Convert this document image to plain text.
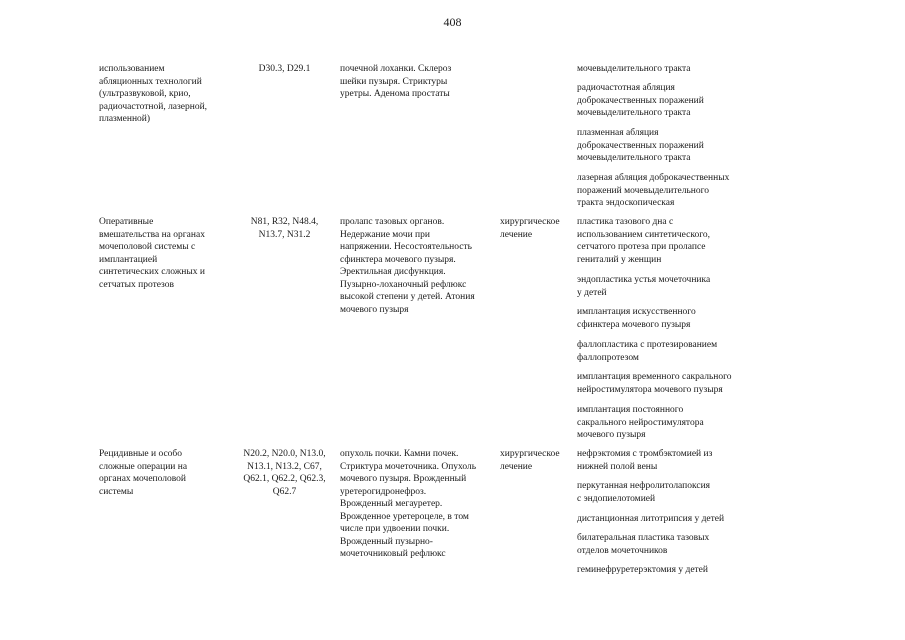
408
использованием
абляционных технологий
(ультразвуковой, крио,
радиочастотной, лазерной,
плазменной)
D30.3, D29.1	почечной лоханки. Склероз
шейки пузыря. Стриктуры
уретры. Аденома простаты
мочевыделительного тракта
радиочастотная абляция
доброкачественных поражений
мочевыделительного тракта
плазменная абляция
доброкачественных поражений
мочевыделительного тракта
лазерная абляция доброкачественных
поражений мочевыделительного
тракта эндоскопическая
Оперативные
вмешательства на органах
мочеполовой системы с
имплантацией
синтетических сложных и
сетчатых протезов
N81, R32, N48.4,
N13.7, N31.2
пролапс тазовых органов.
Недержание мочи при
напряжении. Несостоятельность
сфинктера мочевого пузыря.
Эректильная дисфункция.
Пузырно-лоханочный рефлюкс
высокой степени у детей. Атония
мочевого пузыря
хирургическое
лечение
пластика тазового дна с
использованием синтетического,
сетчатого протеза при пролапсе
гениталий у женщин
эндопластика устья мочеточника
у детей
имплантация искусственного
сфинктера мочевого пузыря
фаллопластика с протезированием
фаллопротезом
имплантация временного сакрального
нейростимулятора мочевого пузыря
имплантация постоянного
сакрального нейростимулятора
мочевого пузыря
Рецидивные и особо
сложные операции на
органах мочеполовой
системы
N20.2, N20.0, N13.0,
N13.1, N13.2, C67,
Q62.1, Q62.2, Q62.3,
Q62.7
опухоль почки. Камни почек.
Стриктура мочеточника. Опухоль
мочевого пузыря. Врожденный
уретерогидронефроз.
Врожденный мегауретер.
Врожденное уретероцеле, в том
числе при удвоении почки.
Врожденный пузырно-
мочеточниковый рефлюкс
хирургическое
лечение
нефрэктомия с тромбэктомией из
нижней полой вены
перкутанная нефролитолапоксия
с эндопиелотомией
дистанционная литотрипсия у детей
билатеральная пластика тазовых
отделов мочеточников
геминефруретерэктомия у детей
